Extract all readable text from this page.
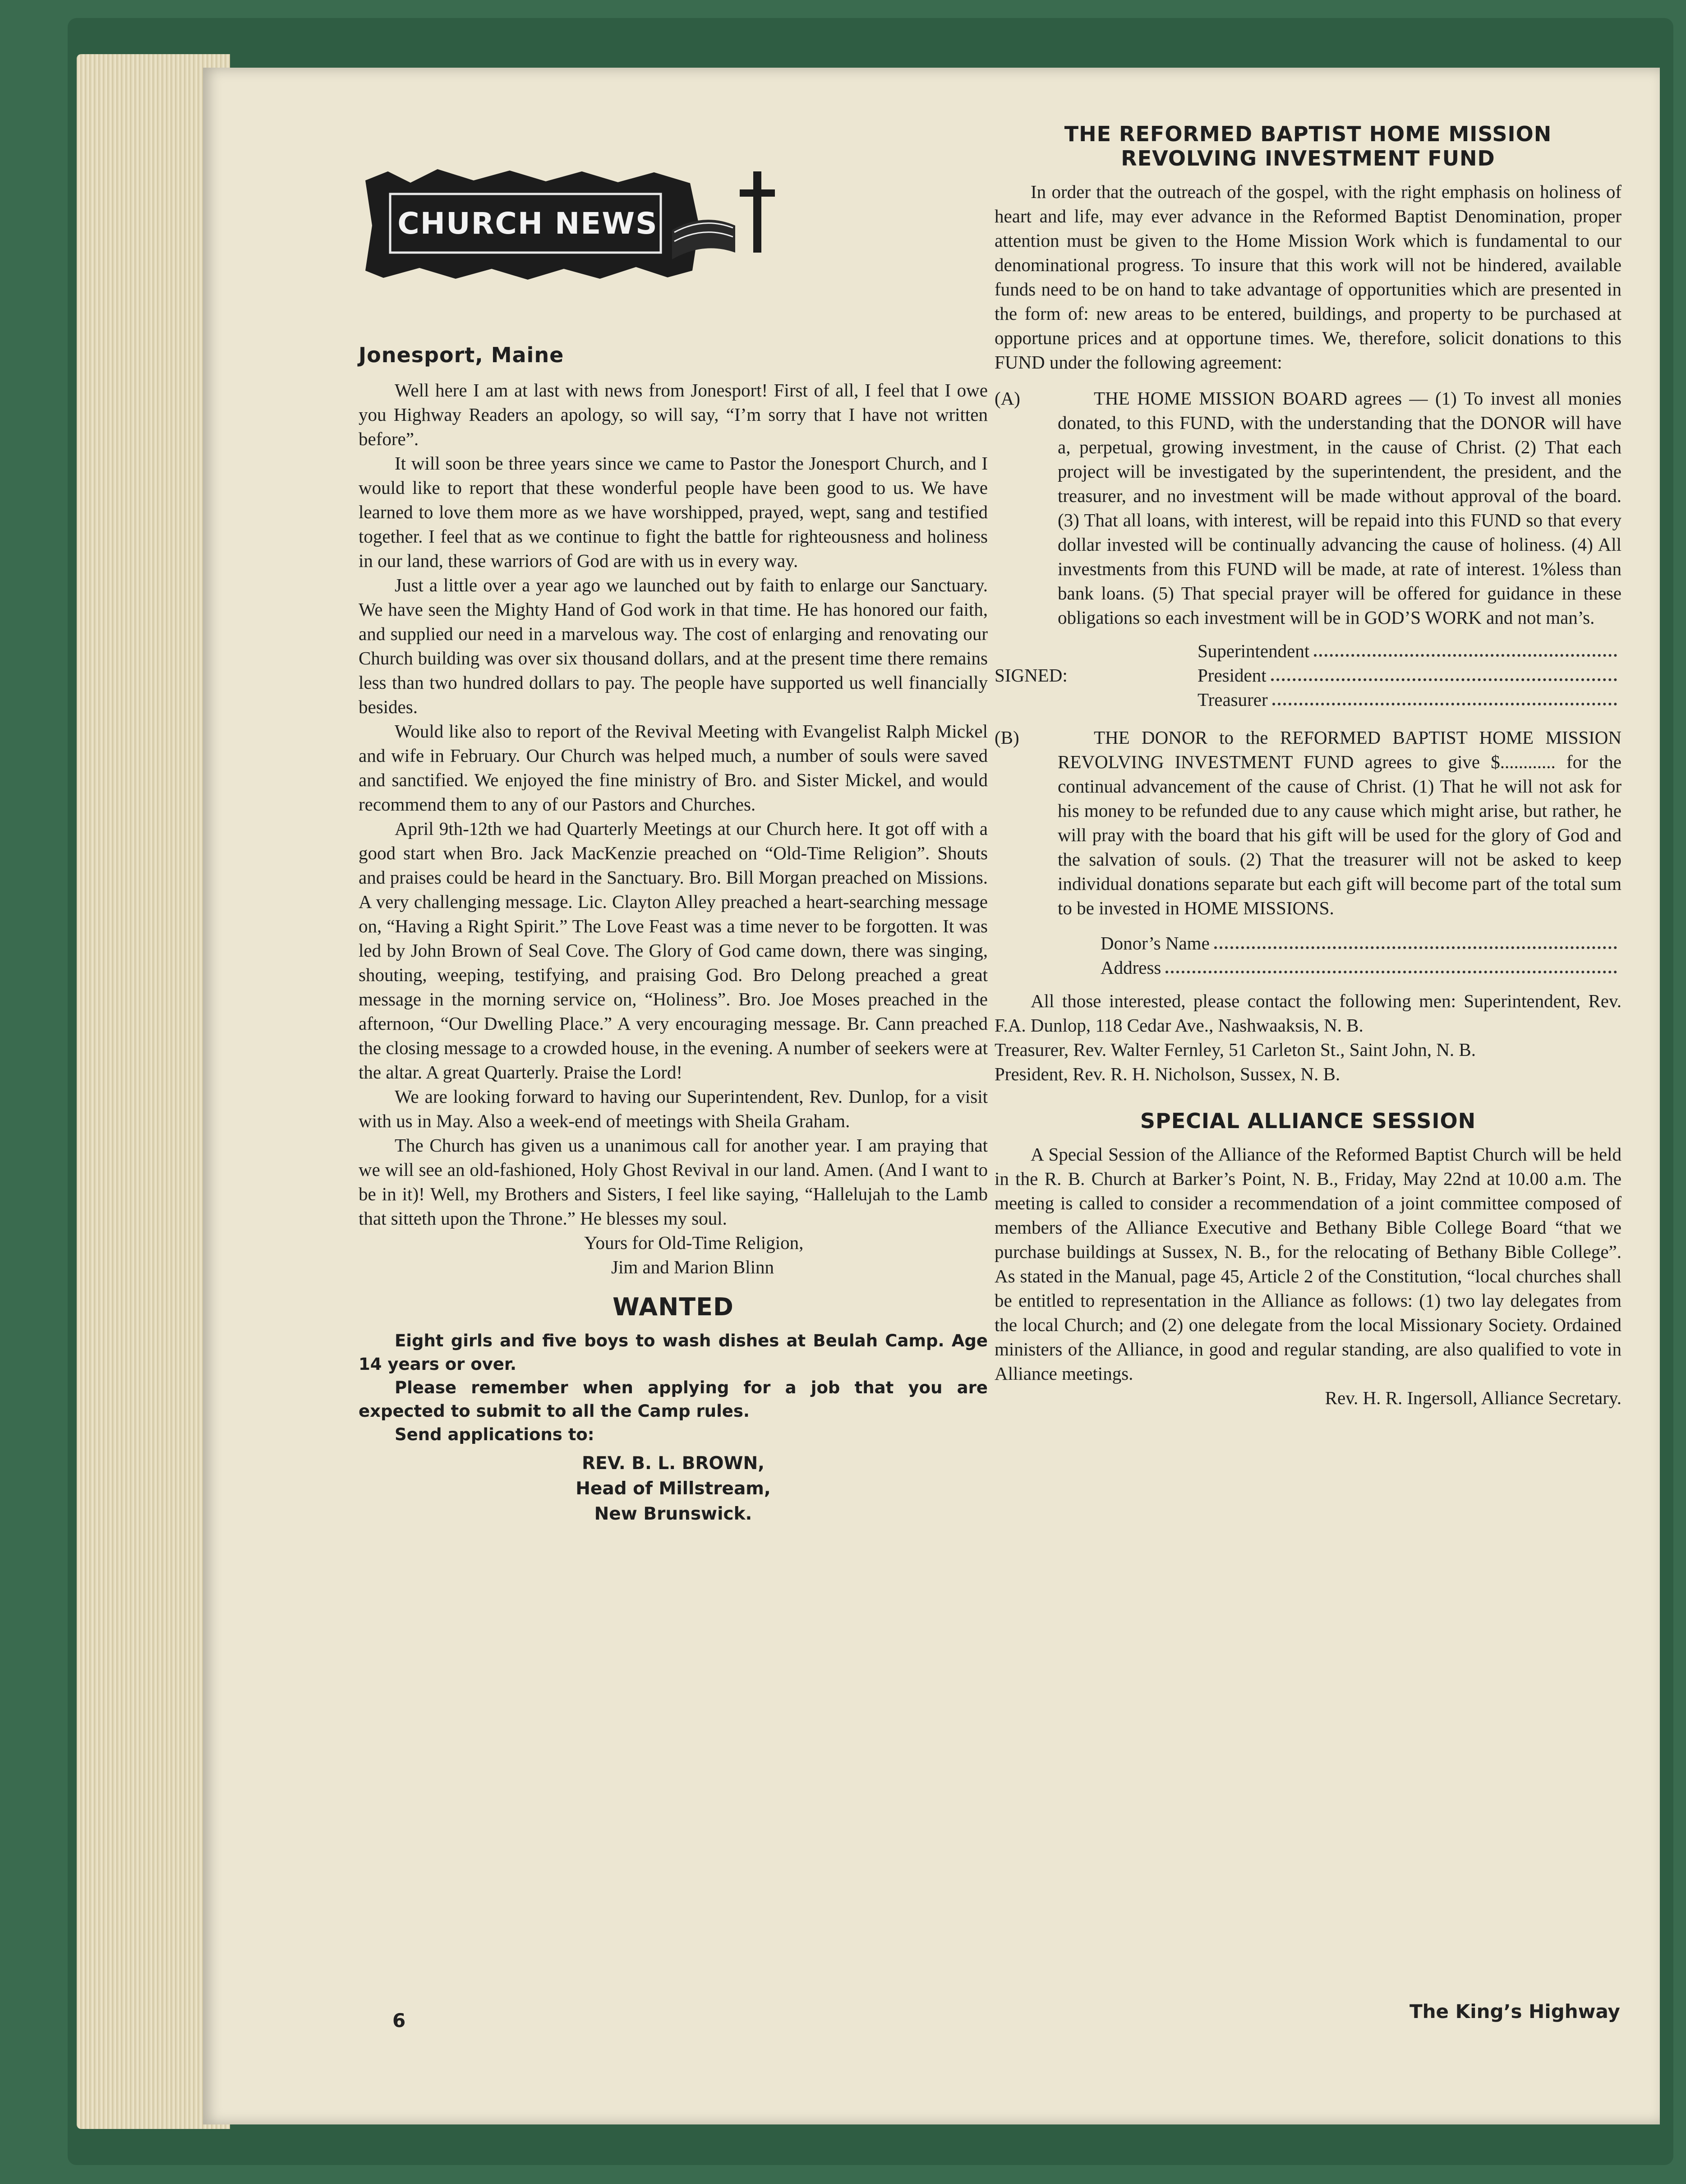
CHURCH NEWS
Jonesport, Maine

Well here I am at last with news from Jonesport! First of all, I feel that I owe you Highway Readers an apology, so will say, “I’m sorry that I have not written before”.

It will soon be three years since we came to Pastor the Jonesport Church, and I would like to report that these wonderful people have been good to us. We have learned to love them more as we have worshipped, prayed, wept, sang and testified together. I feel that as we continue to fight the battle for righteousness and holiness in our land, these warriors of God are with us in every way.

Just a little over a year ago we launched out by faith to enlarge our Sanctuary. We have seen the Mighty Hand of God work in that time. He has honored our faith, and supplied our need in a marvelous way. The cost of enlarging and renovating our Church building was over six thousand dollars, and at the present time there remains less than two hundred dollars to pay. The people have supported us well financially besides.

Would like also to report of the Revival Meeting with Evangelist Ralph Mickel and wife in February. Our Church was helped much, a number of souls were saved and sanctified. We enjoyed the fine ministry of Bro. and Sister Mickel, and would recommend them to any of our Pastors and Churches.

April 9th-12th we had Quarterly Meetings at our Church here. It got off with a good start when Bro. Jack MacKenzie preached on “Old-Time Religion”. Shouts and praises could be heard in the Sanctuary. Bro. Bill Morgan preached on Missions. A very challenging message. Lic. Clayton Alley preached a heart-searching message on, “Having a Right Spirit.” The Love Feast was a time never to be forgotten. It was led by John Brown of Seal Cove. The Glory of God came down, there was singing, shouting, weeping, testifying, and praising God. Bro Delong preached a great message in the morning service on, “Holiness”. Bro. Joe Moses preached in the afternoon, “Our Dwelling Place.” A very encouraging message. Br. Cann preached the closing message to a crowded house, in the evening. A number of seekers were at the altar. A great Quarterly. Praise the Lord!

We are looking forward to having our Superintendent, Rev. Dunlop, for a visit with us in May. Also a week-end of meetings with Sheila Graham.

The Church has given us a unanimous call for another year. I am praying that we will see an old-fashioned, Holy Ghost Revival in our land. Amen. (And I want to be in it)! Well, my Brothers and Sisters, I feel like saying, “Hallelujah to the Lamb that sitteth upon the Throne.” He blesses my soul.

Yours for Old-Time Religion,
Jim and Marion Blinn
WANTED

Eight girls and five boys to wash dishes at Beulah Camp. Age 14 years or over.

Please remember when applying for a job that you are expected to submit to all the Camp rules.

Send applications to:

REV. B. L. BROWN,
Head of Millstream,
New Brunswick.
THE REFORMED BAPTIST HOME MISSION
REVOLVING INVESTMENT FUND

In order that the outreach of the gospel, with the right emphasis on holiness of heart and life, may ever advance in the Reformed Baptist Denomination, proper attention must be given to the Home Mission Work which is fundamental to our denominational progress. To insure that this work will not be hindered, available funds need to be on hand to take advantage of opportunities which are presented in the form of: new areas to be entered, buildings, and property to be purchased at opportune prices and at opportune times. We, therefore, solicit donations to this FUND under the following agreement:

(A)	THE HOME MISSION BOARD agrees — (1) To invest all monies donated, to this FUND, with the understanding that the DONOR will have a, perpetual, growing investment, in the cause of Christ. (2) That each project will be investigated by the superintendent, the president, and the treasurer, and no investment will be made without approval of the board. (3) That all loans, with interest, will be repaid into this FUND so that every dollar invested will be continually advancing the cause of holiness. (4) All investments from this FUND will be made, at rate of interest. 1%less than bank loans. (5) That special prayer will be offered for guidance in these obligations so each investment will be in GOD’S WORK and not man’s.

SIGNED:
Superintendent
President
Treasurer
(B)	THE DONOR to the REFORMED BAPTIST HOME MISSION REVOLVING INVESTMENT FUND agrees to give $............ for the continual advancement of the cause of Christ. (1) That he will not ask for his money to be refunded due to any cause which might arise, but rather, he will pray with the board that his gift will be used for the glory of God and the salvation of souls. (2) That the treasurer will not be asked to keep individual donations separate but each gift will become part of the total sum to be invested in HOME MISSIONS.

Donor’s Name
Address

All those interested, please contact the following men: Superintendent, Rev. F.A. Dunlop, 118 Cedar Ave., Nashwaaksis, N. B.

Treasurer, Rev. Walter Fernley, 51 Carleton St., Saint John, N. B.

President, Rev. R. H. Nicholson, Sussex, N. B.

SPECIAL ALLIANCE SESSION

A Special Session of the Alliance of the Reformed Baptist Church will be held in the R. B. Church at Barker’s Point, N. B., Friday, May 22nd at 10.00 a.m. The meeting is called to consider a recommendation of a joint committee composed of members of the Alliance Executive and Bethany Bible College Board “that we purchase buildings at Sussex, N. B., for the relocating of Bethany Bible College”. As stated in the Manual, page 45, Article 2 of the Constitution, “local churches shall be entitled to representation in the Alliance as follows: (1) two lay delegates from the local Church; and (2) one delegate from the local Missionary Society. Ordained ministers of the Alliance, in good and regular standing, are also qualified to vote in Alliance meetings.

Rev. H. R. Ingersoll, Alliance Secretary.
6	The King’s Highway
